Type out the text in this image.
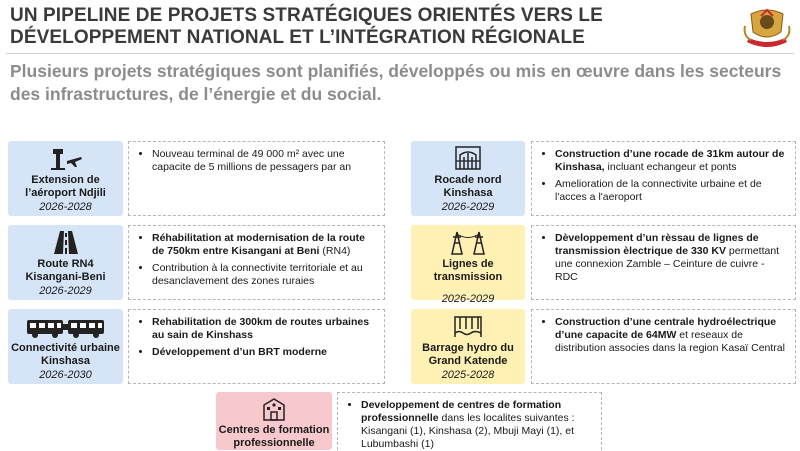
UN PIPELINE DE PROJETS STRATÉGIQUES ORIENTÉS VERS LE
DÉVELOPPEMENT NATIONAL ET L’INTÉGRATION RÉGIONALE
Plusieurs projets stratégiques sont planifiés, développés ou mis en œuvre dans les secteurs des infrastructures, de l’énergie et du social.
Extension de l’aéroport Ndjili
2026-2028
• Nouveau terminal de 49 000 m² avec une capacite de 5 millions de pessagers par an
Route RN4 Kisangani-Beni
2026-2029
• Réhabilitation at modernisation de la route de 750km entre Kisangani at Beni (RN4)
• Contribution à la connectivite territoriale et au desanclavement des zones ruraies
Connectivité urbaine Kinshasa
2026-2030
• Rehabilitation de 300km de routes urbaines au sain de Kinshass
• Développement d’un BRT moderne
Rocade nord Kinshasa
2026-2029
• Construction d’une rocade de 31km autour de Kinshasa, incluant echangeur et ponts
• Amelioration de la connectivite urbaine et de l'acces a l'aeroport
Lignes de transmission
2026-2029
• Dèveloppement d’un rèssau de lignes de transmission èlectrique de 330 KV permettant une connexion Zamble – Ceinture de cuivre - RDC
Barrage hydro du Grand Katende
2025-2028
• Construction d’une centrale hydroélectrique d’une capacite de 64MW et reseaux de distribution associes dans la region Kasaï Central
Centres de formation professionnelle
• Developpement de centres de formation professionnelle dans les localites suivantes : Kisangani (1), Kinshasa (2), Mbuji Mayi (1), et Lubumbashi (1)
